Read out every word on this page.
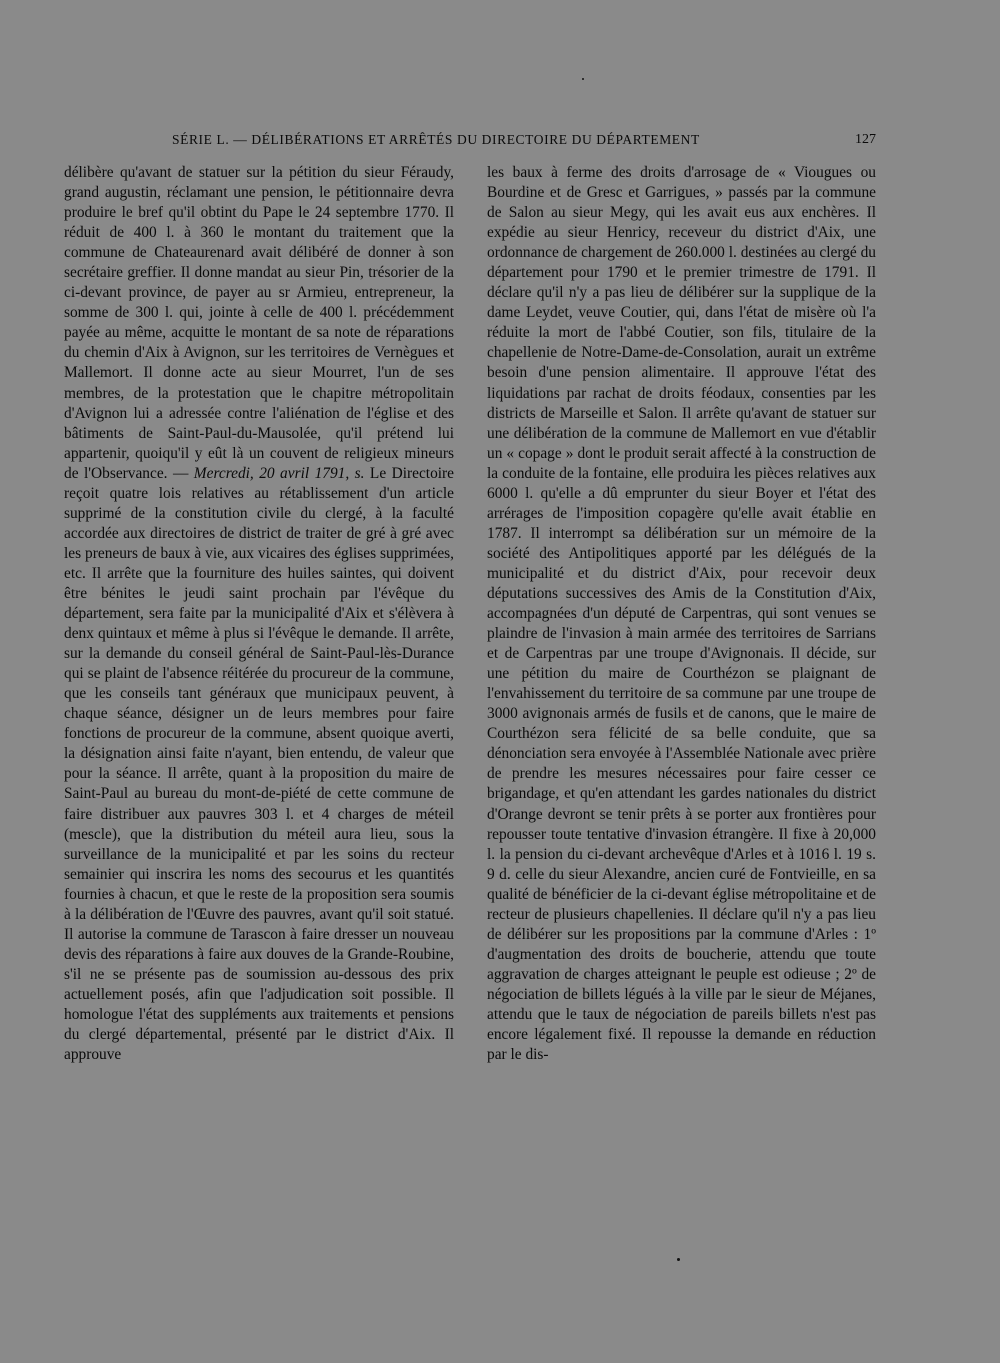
SÉRIE L. — DÉLIBÉRATIONS ET ARRÊTÉS DU DIRECTOIRE DU DÉPARTEMENT	127

délibère qu'avant de statuer sur la pétition du sieur Féraudy, grand augustin, réclamant une pension, le pétitionnaire devra produire le bref qu'il obtint du Pape le 24 septembre 1770. Il réduit de 400 l. à 360 le montant du traitement que la commune de Chateaurenard avait délibéré de donner à son secrétaire greffier. Il donne mandat au sieur Pin, trésorier de la ci-devant province, de payer au sr Armieu, entrepreneur, la somme de 300 l. qui, jointe à celle de 400 l. précédemment payée au même, acquitte le montant de sa note de réparations du chemin d'Aix à Avignon, sur les territoires de Vernègues et Mallemort. Il donne acte au sieur Mourret, l'un de ses membres, de la protestation que le chapitre métropolitain d'Avignon lui a adressée contre l'aliénation de l'église et des bâtiments de Saint-Paul-du-Mausolée, qu'il prétend lui appartenir, quoiqu'il y eût là un couvent de religieux mineurs de l'Observance. — Mercredi, 20 avril 1791, s. Le Directoire reçoit quatre lois relatives au rétablissement d'un article supprimé de la constitution civile du clergé, à la faculté accordée aux directoires de district de traiter de gré à gré avec les preneurs de baux à vie, aux vicaires des églises supprimées, etc. Il arrête que la fourniture des huiles saintes, qui doivent être bénites le jeudi saint prochain par l'évêque du département, sera faite par la municipalité d'Aix et s'élèvera à denx quintaux et même à plus si l'évêque le demande. Il arrête, sur la demande du conseil général de Saint-Paul-lès-Durance qui se plaint de l'absence réitérée du procureur de la commune, que les conseils tant généraux que municipaux peuvent, à chaque séance, désigner un de leurs membres pour faire fonctions de procureur de la commune, absent quoique averti, la désignation ainsi faite n'ayant, bien entendu, de valeur que pour la séance. Il arrête, quant à la proposition du maire de Saint-Paul au bureau du mont-de-piété de cette commune de faire distribuer aux pauvres 303 l. et 4 charges de méteil (mescle), que la distribution du méteil aura lieu, sous la surveillance de la municipalité et par les soins du recteur semainier qui inscrira les noms des secourus et les quantités fournies à chacun, et que le reste de la proposition sera soumis à la délibération de l'Œuvre des pauvres, avant qu'il soit statué. Il autorise la commune de Tarascon à faire dresser un nouveau devis des réparations à faire aux douves de la Grande-Roubine, s'il ne se présente pas de soumission au-dessous des prix actuellement posés, afin que l'adjudication soit possible. Il homologue l'état des suppléments aux traitements et pensions du clergé départemental, présenté par le district d'Aix. Il approuve

les baux à ferme des droits d'arrosage de « Viougues ou Bourdine et de Gresc et Garrigues, » passés par la commune de Salon au sieur Megy, qui les avait eus aux enchères. Il expédie au sieur Henricy, receveur du district d'Aix, une ordonnance de chargement de 260.000 l. destinées au clergé du département pour 1790 et le premier trimestre de 1791. Il déclare qu'il n'y a pas lieu de délibérer sur la supplique de la dame Leydet, veuve Coutier, qui, dans l'état de misère où l'a réduite la mort de l'abbé Coutier, son fils, titulaire de la chapellenie de Notre-Dame-de-Consolation, aurait un extrême besoin d'une pension alimentaire. Il approuve l'état des liquidations par rachat de droits féodaux, consenties par les districts de Marseille et Salon. Il arrête qu'avant de statuer sur une délibération de la commune de Mallemort en vue d'établir un « copage » dont le produit serait affecté à la construction de la conduite de la fontaine, elle produira les pièces relatives aux 6000 l. qu'elle a dû emprunter du sieur Boyer et l'état des arrérages de l'imposition copagère qu'elle avait établie en 1787. Il interrompt sa délibération sur un mémoire de la société des Antipolitiques apporté par les délégués de la municipalité et du district d'Aix, pour recevoir deux députations successives des Amis de la Constitution d'Aix, accompagnées d'un député de Carpentras, qui sont venues se plaindre de l'invasion à main armée des territoires de Sarrians et de Carpentras par une troupe d'Avignonais. Il décide, sur une pétition du maire de Courthézon se plaignant de l'envahissement du territoire de sa commune par une troupe de 3000 avignonais armés de fusils et de canons, que le maire de Courthézon sera félicité de sa belle conduite, que sa dénonciation sera envoyée à l'Assemblée Nationale avec prière de prendre les mesures nécessaires pour faire cesser ce brigandage, et qu'en attendant les gardes nationales du district d'Orange devront se tenir prêts à se porter aux frontières pour repousser toute tentative d'invasion étrangère. Il fixe à 20,000 l. la pension du ci-devant archevêque d'Arles et à 1016 l. 19 s. 9 d. celle du sieur Alexandre, ancien curé de Fontvieille, en sa qualité de bénéficier de la ci-devant église métropolitaine et de recteur de plusieurs chapellenies. Il déclare qu'il n'y a pas lieu de délibérer sur les propositions par la commune d'Arles : 1º d'augmentation des droits de boucherie, attendu que toute aggravation de charges atteignant le peuple est odieuse ; 2º de négociation de billets légués à la ville par le sieur de Méjanes, attendu que le taux de négociation de pareils billets n'est pas encore légalement fixé. Il repousse la demande en réduction par le dis-
